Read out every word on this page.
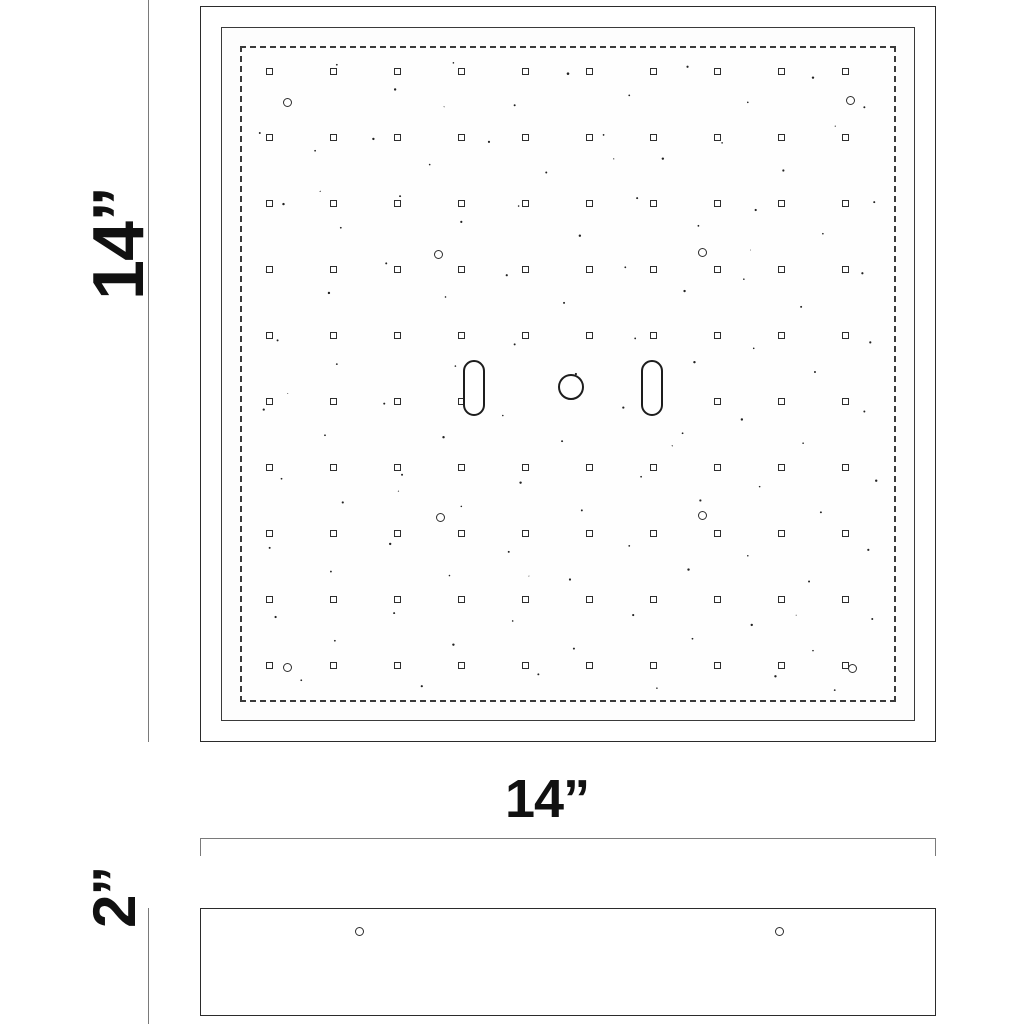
14”
14”
2”
